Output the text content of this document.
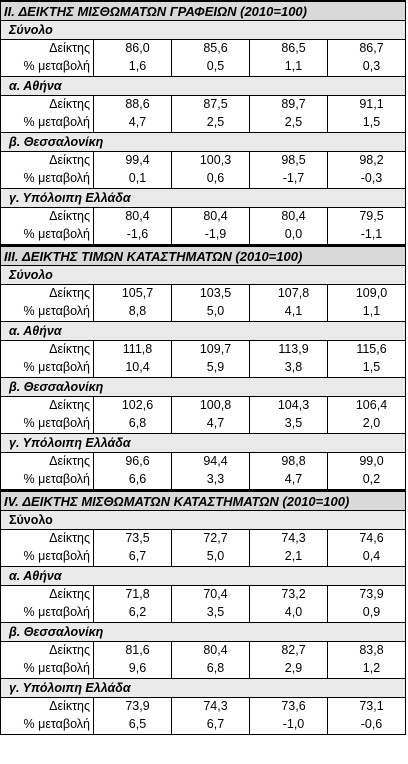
II. ΔΕΙΚΤΗΣ ΜΙΣΘΩΜΑΤΩΝ ΓΡΑΦΕΙΩΝ (2010=100)
Σύνολο
Δείκτης	86,0	85,6	86,5	86,7
% μεταβολή	1,6	0,5	1,1	0,3
α. Αθήνα
Δείκτης	88,6	87,5	89,7	91,1
% μεταβολή	4,7	2,5	2,5	1,5
β. Θεσσαλονίκη
Δείκτης	99,4	100,3	98,5	98,2
% μεταβολή	0,1	0,6	-1,7	-0,3
γ. Υπόλοιπη Ελλάδα
Δείκτης	80,4	80,4	80,4	79,5
% μεταβολή	-1,6	-1,9	0,0	-1,1
III. ΔΕΙΚΤΗΣ ΤΙΜΩΝ ΚΑΤΑΣΤΗΜΑΤΩΝ (2010=100)
Σύνολο
Δείκτης	105,7	103,5	107,8	109,0
% μεταβολή	8,8	5,0	4,1	1,1
α. Αθήνα
Δείκτης	111,8	109,7	113,9	115,6
% μεταβολή	10,4	5,9	3,8	1,5
β. Θεσσαλονίκη
Δείκτης	102,6	100,8	104,3	106,4
% μεταβολή	6,8	4,7	3,5	2,0
γ. Υπόλοιπη Ελλάδα
Δείκτης	96,6	94,4	98,8	99,0
% μεταβολή	6,6	3,3	4,7	0,2
IV. ΔΕΙΚΤΗΣ ΜΙΣΘΩΜΑΤΩΝ ΚΑΤΑΣΤΗΜΑΤΩΝ (2010=100)
Σύνολο
Δείκτης	73,5	72,7	74,3	74,6
% μεταβολή	6,7	5,0	2,1	0,4
α. Αθήνα
Δείκτης	71,8	70,4	73,2	73,9
% μεταβολή	6,2	3,5	4,0	0,9
β. Θεσσαλονίκη
Δείκτης	81,6	80,4	82,7	83,8
% μεταβολή	9,6	6,8	2,9	1,2
γ. Υπόλοιπη Ελλάδα
Δείκτης	73,9	74,3	73,6	73,1
% μεταβολή	6,5	6,7	-1,0	-0,6
